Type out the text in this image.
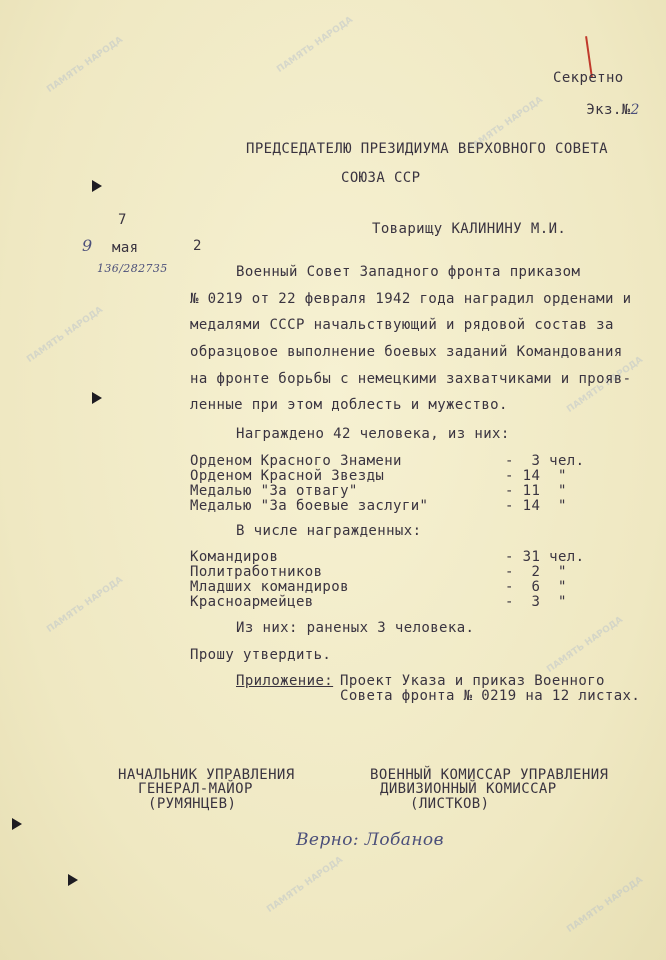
ПАМЯТЬ НАРОДА	ПАМЯТЬ НАРОДА
ПАМЯТЬ НАРОДА
ПАМЯТЬ НАРОДА
ПАМЯТЬ НАРОДА
ПАМЯТЬ НАРОДА
ПАМЯТЬ НАРОДА
ПАМЯТЬ НАРОДА	ПАМЯТЬ НАРОДА
Секретно

Экз.№2

ПРЕДСЕДАТЕЛЮ ПРЕЗИДИУМА ВЕРХОВНОГО СОВЕТА
СОЮЗА ССР
Товарищу КАЛИНИНУ М.И.
7
9 мая	2
136/282735	Военный Совет Западного фронта приказом
№ 0219 от 22 февраля 1942 года наградил орденами и
медалями СССР начальствующий и рядовой состав за
образцовое выполнение боевых заданий Командования
на фронте борьбы с немецкими захватчиками и прояв-
ленные при этом доблесть и мужество.
Награждено 42 человека, из них:
Орденом Красного Знамени	-  3 чел.
Орденом Красной Звезды	- 14  "
Медалью "За отвагу"	- 11  "
Медалью "За боевые заслуги"	- 14  "
В числе награжденных:
Командиров	- 31 чел.
Политработников	-  2  "
Младших командиров	-  6  "
Красноармейцев	-  3  "
Из них: раненых 3 человека.
Прошу утвердить.
Приложение: Проект Указа и приказ Военного
Совета фронта № 0219 на 12 листах.
НАЧАЛЬНИК УПРАВЛЕНИЯ
ГЕНЕРАЛ-МАЙОР
(РУМЯНЦЕВ)
ВОЕННЫЙ КОМИССАР УПРАВЛЕНИЯ
ДИВИЗИОННЫЙ КОМИССАР
(ЛИСТКОВ)
Верно: Лобанов
